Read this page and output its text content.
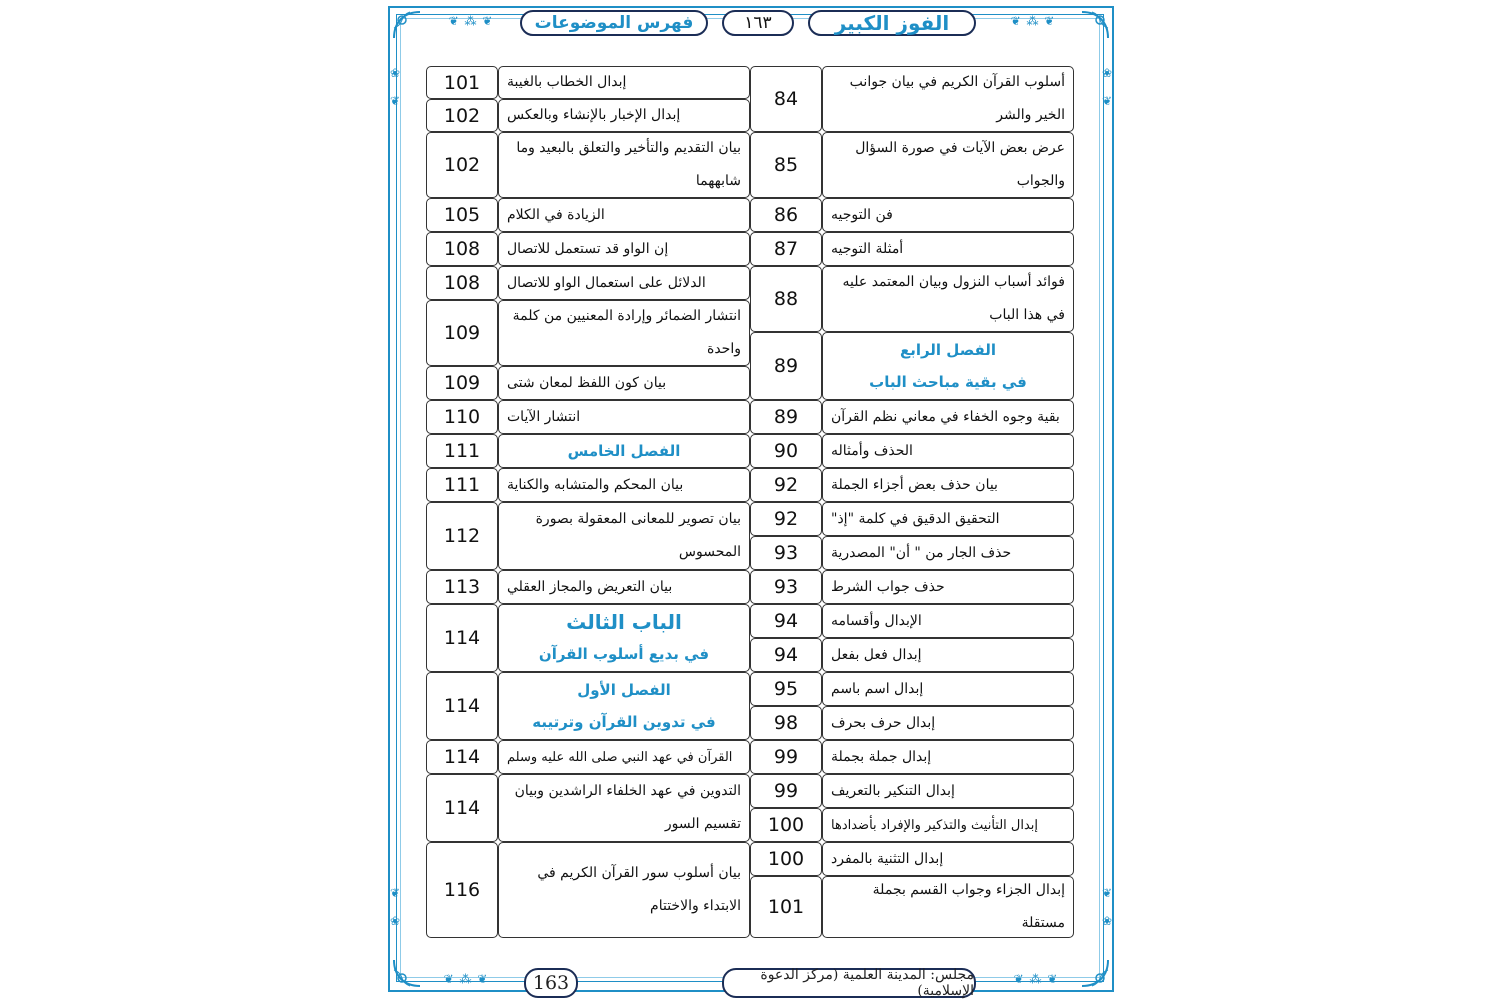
❀

❦
❀

❦
❦

❀
❦

❀
الفوز الكبير
١٦٣
فهرس الموضوعات
❦ ⁂ ❦	❦ ⁂ ❦
مجلس: المدينة العلمية (مركز الدعوة الإسلامية)
163
❦ ⁂ ❦	❦ ⁂ ❦
أسلوب القرآن الكريم في بيان جوانب الخير والشر
84
عرض بعض الآيات في صورة السؤال والجواب
85
فن التوجيه
86
أمثلة التوجيه
87
فوائد أسباب النزول وبيان المعتمد عليه في هذا الباب
88
الفصل الرابع
في بقية مباحث الباب
89
بقية وجوه الخفاء في معاني نظم القرآن
89
الحذف وأمثاله
90
بيان حذف بعض أجزاء الجملة
92
التحقيق الدقيق في كلمة "إذ"
92
حذف الجار من " أن" المصدرية
93
حذف جواب الشرط
93
الإبدال وأقسامه
94
إبدال فعل بفعل
94
إبدال اسم باسم
95
إبدال حرف بحرف
98
إبدال جملة بجملة
99
إبدال التنكير بالتعريف
99
إبدال التأنيث والتذكير والإفراد بأضدادها
100
إبدال التثنية بالمفرد
100
إبدال الجزاء وجواب القسم بجملة مستقلة
101
إبدال الخطاب بالغيبة
101
إبدال الإخبار بالإنشاء وبالعكس
102
بيان التقديم والتأخير والتعلق بالبعيد وما شابههما
102
الزيادة في الكلام
105
إن الواو قد تستعمل للاتصال
108
الدلائل على استعمال الواو للاتصال
108
انتشار الضمائر وإرادة المعنيين من كلمة واحدة
109
بيان كون اللفظ لمعان شتى
109
انتشار الآيات
110
الفصل الخامس
111
بيان المحكم والمتشابه والكناية
111
بيان تصوير للمعانى المعقولة بصورة المحسوس
112
بيان التعريض والمجاز العقلي
113
الباب الثالث
في بديع أسلوب القرآن
114
الفصل الأول
في تدوين القرآن وترتيبه
114
القرآن في عهد النبي صلى الله عليه وسلم
114
التدوين في عهد الخلفاء الراشدين وبيان تقسيم السور
114
بيان أسلوب سور القرآن الكريم في الابتداء والاختتام
116
